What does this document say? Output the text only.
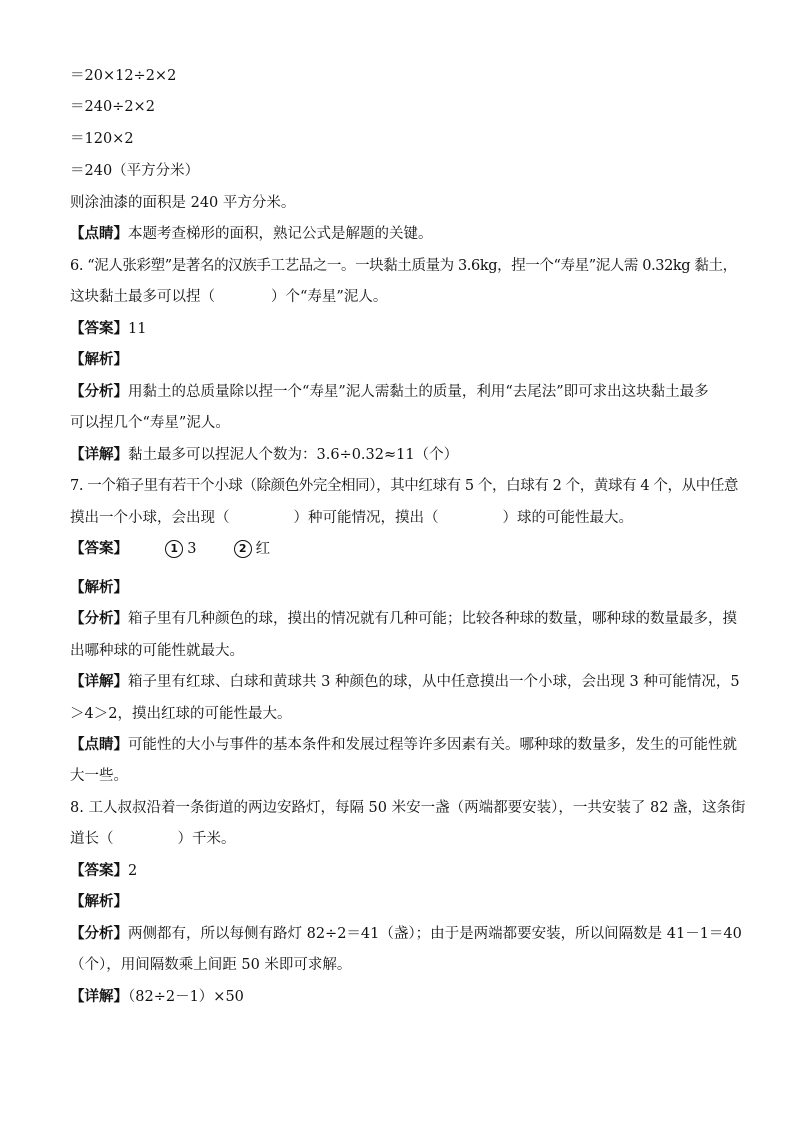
＝20×12÷2×2
＝240÷2×2
＝120×2
＝240（平方分米）
则涂油漆的面积是 240 平方分米。
【点睛】本题考查梯形的面积，熟记公式是解题的关键。
6. “泥人张彩塑”是著名的汉族手工艺品之一。一块黏土质量为 3.6kg，捏一个“寿星”泥人需 0.32kg 黏土，
这块黏土最多可以捏（	）个“寿星”泥人。
【答案】11
【解析】
【分析】用黏土的总质量除以捏一个“寿星”泥人需黏土的质量，利用“去尾法”即可求出这块黏土最多
可以捏几个“寿星”泥人。
【详解】黏土最多可以捏泥人个数为：3.6÷0.32≈11（个）
7. 一个箱子里有若干个小球（除颜色外完全相同），其中红球有 5 个，白球有 2 个，黄球有 4 个，从中任意
摸出一个小球，会出现（	）种可能情况，摸出（	）球的可能性最大。
【答案】	1 3	2 红
【解析】
【分析】箱子里有几种颜色的球，摸出的情况就有几种可能；比较各种球的数量，哪种球的数量最多，摸
出哪种球的可能性就最大。
【详解】箱子里有红球、白球和黄球共 3 种颜色的球，从中任意摸出一个小球，会出现 3 种可能情况，5
＞4＞2，摸出红球的可能性最大。
【点睛】可能性的大小与事件的基本条件和发展过程等许多因素有关。哪种球的数量多，发生的可能性就
大一些。
8. 工人叔叔沿着一条街道的两边安路灯，每隔 50 米安一盏（两端都要安装），一共安装了 82 盏，这条街
道长（	）千米。
【答案】2
【解析】
【分析】两侧都有，所以每侧有路灯 82÷2＝41（盏）；由于是两端都要安装，所以间隔数是 41－1＝40
（个），用间隔数乘上间距 50 米即可求解。
【详解】（82÷2－1）×50
